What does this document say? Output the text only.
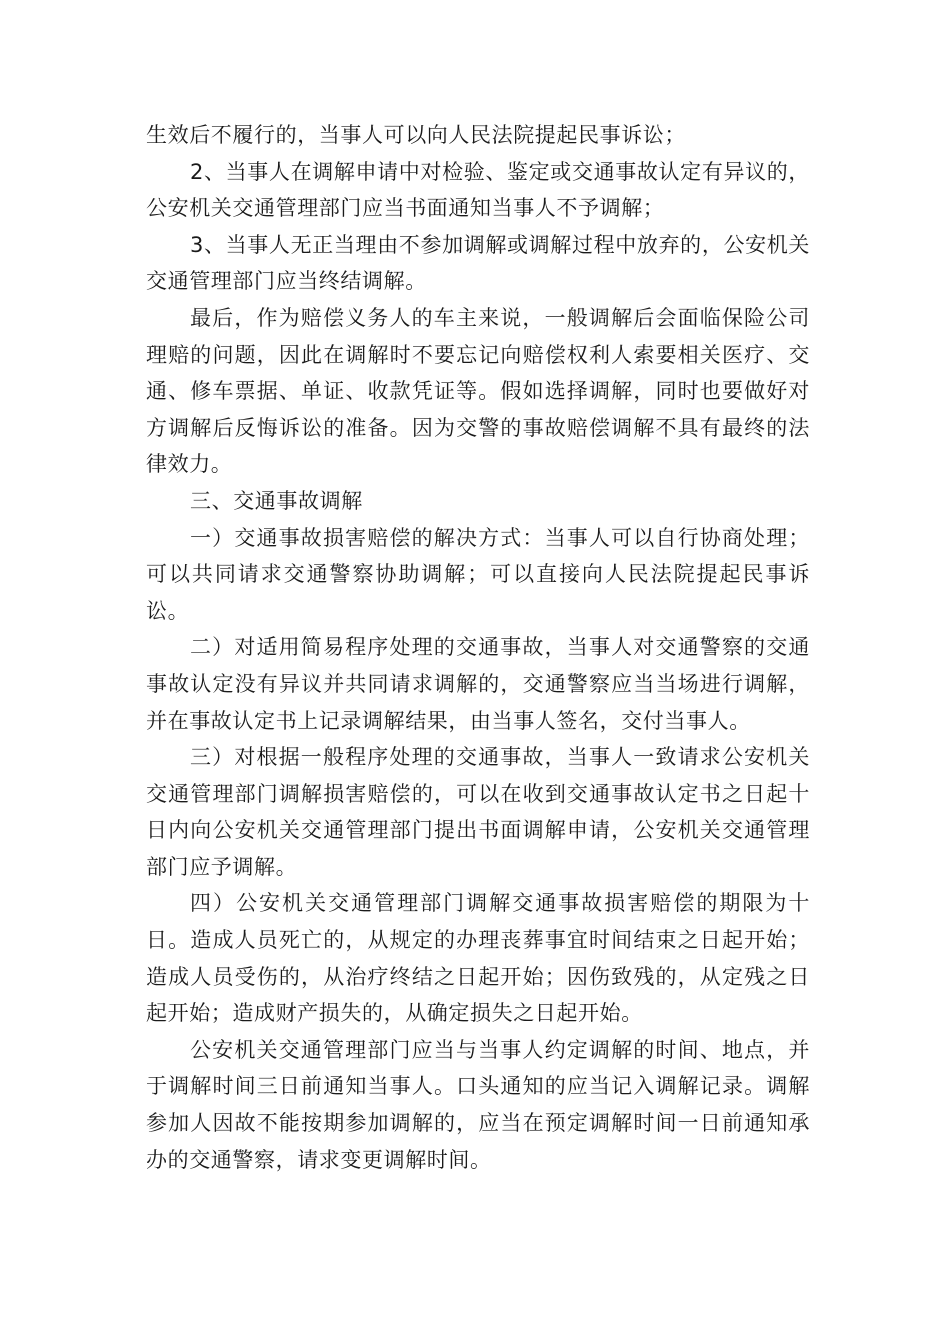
生效后不履行的，当事人可以向人民法院提起民事诉讼；

2、当事人在调解申请中对检验、鉴定或交通事故认定有异议的，公安机关交通管理部门应当书面通知当事人不予调解；

3、当事人无正当理由不参加调解或调解过程中放弃的，公安机关交通管理部门应当终结调解。

最后，作为赔偿义务人的车主来说，一般调解后会面临保险公司理赔的问题，因此在调解时不要忘记向赔偿权利人索要相关医疗、交通、修车票据、单证、收款凭证等。假如选择调解，同时也要做好对方调解后反悔诉讼的准备。因为交警的事故赔偿调解不具有最终的法律效力。

三、交通事故调解

一）交通事故损害赔偿的解决方式：当事人可以自行协商处理；可以共同请求交通警察协助调解；可以直接向人民法院提起民事诉讼。

二）对适用简易程序处理的交通事故，当事人对交通警察的交通事故认定没有异议并共同请求调解的，交通警察应当当场进行调解，并在事故认定书上记录调解结果，由当事人签名，交付当事人。

三）对根据一般程序处理的交通事故，当事人一致请求公安机关交通管理部门调解损害赔偿的，可以在收到交通事故认定书之日起十日内向公安机关交通管理部门提出书面调解申请，公安机关交通管理部门应予调解。

四）公安机关交通管理部门调解交通事故损害赔偿的期限为十日。造成人员死亡的，从规定的办理丧葬事宜时间结束之日起开始；造成人员受伤的，从治疗终结之日起开始；因伤致残的，从定残之日起开始；造成财产损失的，从确定损失之日起开始。

公安机关交通管理部门应当与当事人约定调解的时间、地点，并于调解时间三日前通知当事人。口头通知的应当记入调解记录。调解参加人因故不能按期参加调解的，应当在预定调解时间一日前通知承办的交通警察，请求变更调解时间。
